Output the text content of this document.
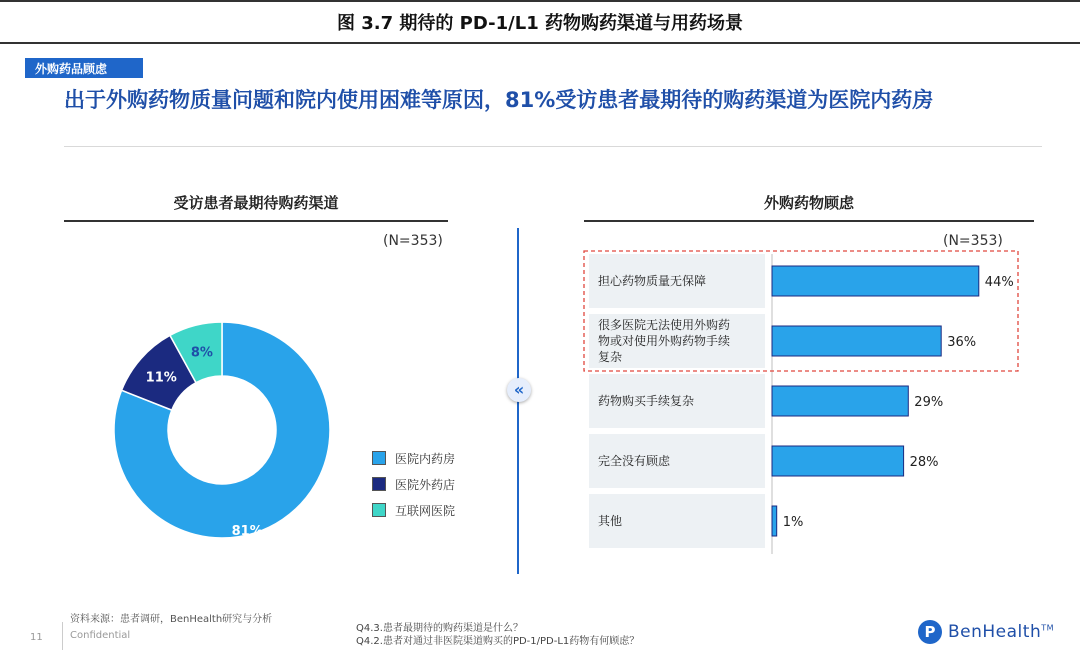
图 3.7 期待的 PD-1/L1 药物购药渠道与用药场景
外购药品顾虑
出于外购药物质量问题和院内使用困难等原因，81%受访患者最期待的购药渠道为医院内药房
受访患者最期待购药渠道
(N=353)
81%
11%
8%
医院内药房
医院外药店
互联网医院
«
外购药物顾虑
(N=353)
担心药物质量无保障
很多医院无法使用外购药
物或对使用外购药物手续
复杂
药物购买手续复杂
完全没有顾虑
其他
44%
36%
29%
28%
1%
资料来源：患者调研，BenHealth研究与分析
11	Confidential
Q4.3.患者最期待的购药渠道是什么？
Q4.2.患者对通过非医院渠道购买的PD-1/PD-L1药物有何顾虑？
P BenHealth™
